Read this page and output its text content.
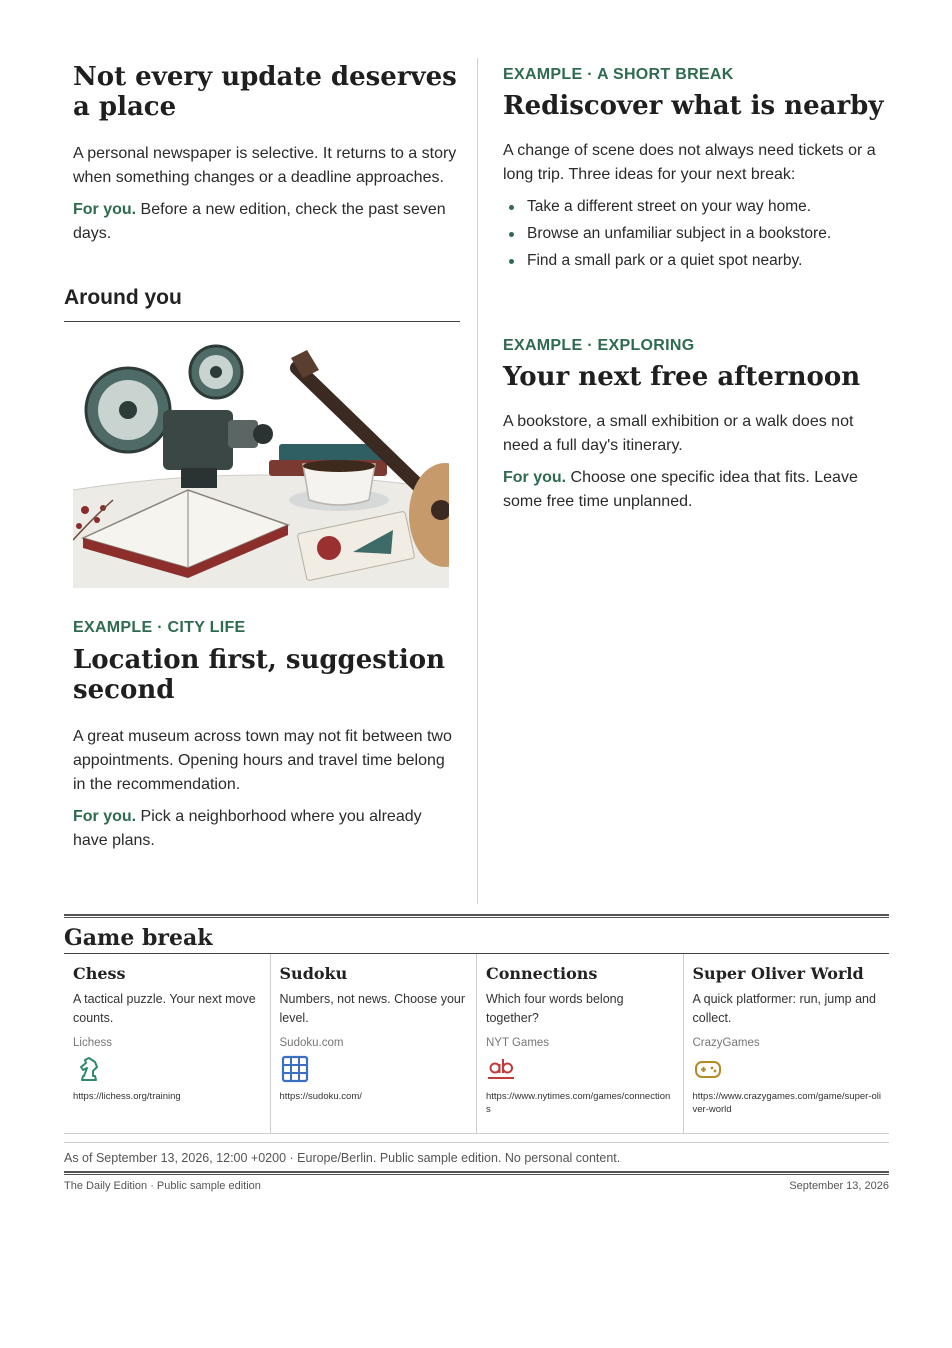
Not every update deserves a place

A personal newspaper is selective. It returns to a story when something changes or a deadline approaches.

For you. Before a new edition, check the past seven days.

Around you
EXAMPLE · CITY LIFE
Location first, suggestion second

A great museum across town may not fit between two appointments. Opening hours and travel time belong in the recommendation.

For you. Pick a neighborhood where you already have plans.

EXAMPLE · A SHORT BREAK
Rediscover what is nearby

A change of scene does not always need tickets or a long trip. Three ideas for your next break:

Take a different street on your way home.
Browse an unfamiliar subject in a bookstore.
Find a small park or a quiet spot nearby.
EXAMPLE · EXPLORING
Your next free afternoon

A bookstore, a small exhibition or a walk does not need a full day's itinerary.

For you. Choose one specific idea that fits. Leave some free time unplanned.

Game break
Chess
A tactical puzzle. Your next move counts.
Lichess
https://lichess.org/training
Sudoku
Numbers, not news. Choose your level.
Sudoku.com
https://sudoku.com/
Connections
Which four words belong together?
NYT Games
https://www.nytimes.com/games/connections
Super Oliver World
A quick platformer: run, jump and collect.
CrazyGames
https://www.crazygames.com/game/super-oliver-world
As of September 13, 2026, 12:00 +0200 · Europe/Berlin. Public sample edition. No personal content.
The Daily Edition · Public sample edition	September 13, 2026
